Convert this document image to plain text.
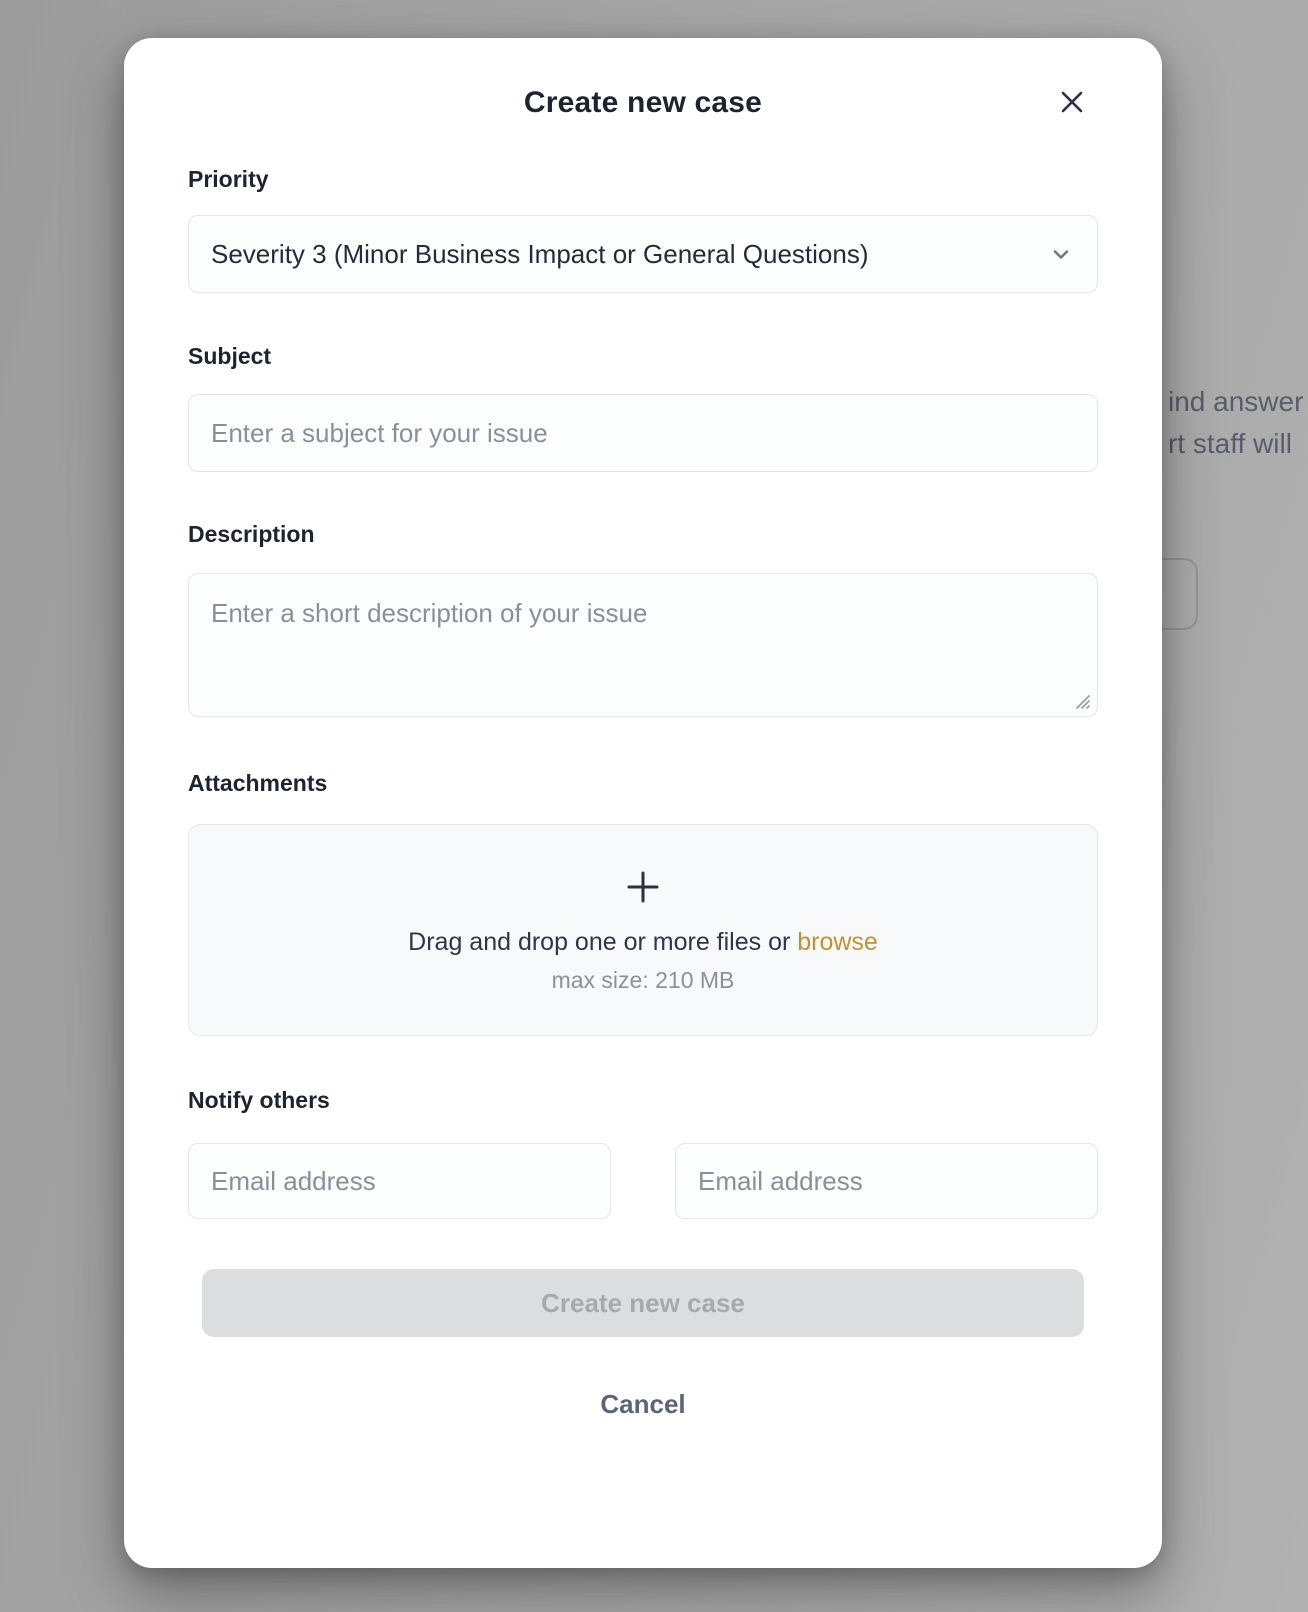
ind answer
rt staff will
Create new case
Priority
Severity 3 (Minor Business Impact or General Questions)
Subject
Enter a subject for your issue
Description
Enter a short description of your issue
Attachments
Drag and drop one or more files or browse
max size: 210 MB
Notify others
Email address
Email address
Create new case
Cancel
